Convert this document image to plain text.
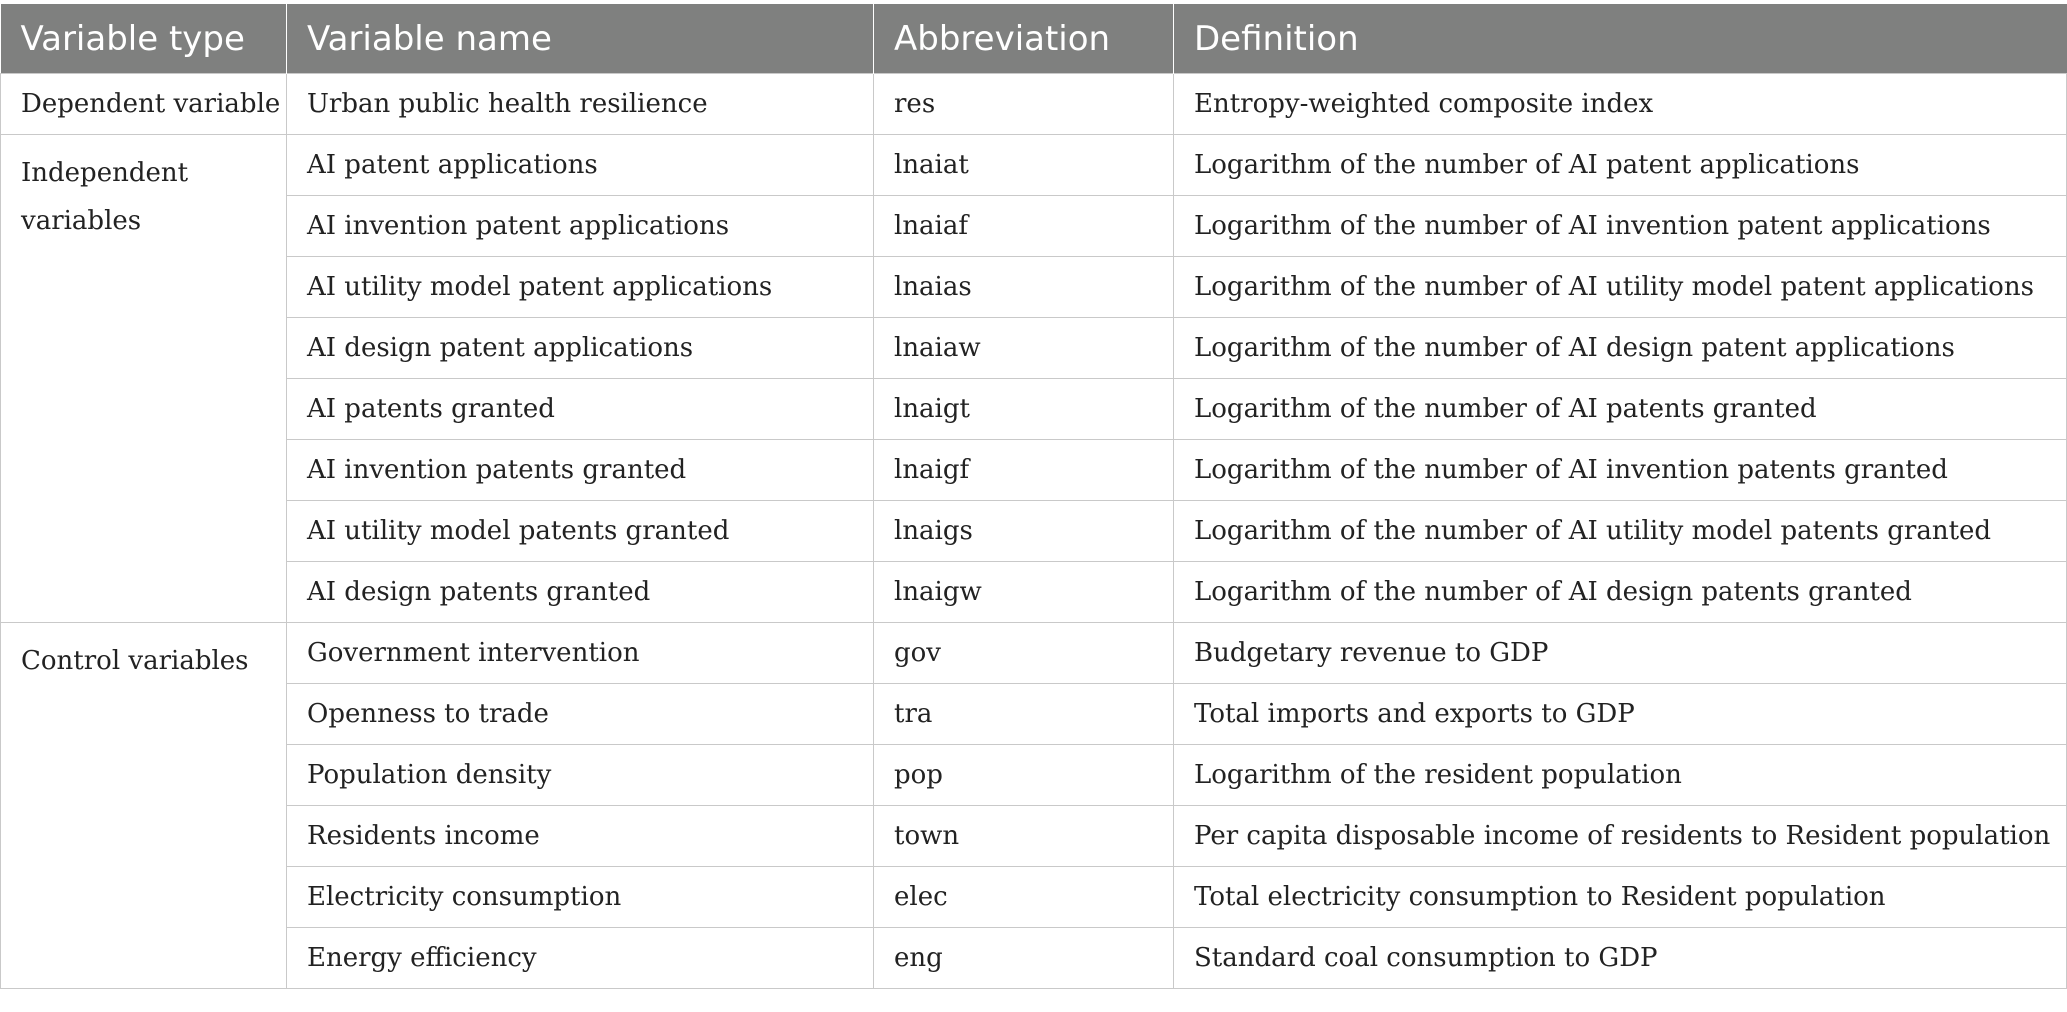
Variable type	Variable name	Abbreviation	Definition
Dependent variable	Urban public health resilience	res	Entropy-weighted composite index

Independent
variables	AI patent applications	lnaiat	Logarithm of the number of AI patent applications
	AI invention patent applications	lnaiaf	Logarithm of the number of AI invention patent applications
	AI utility model patent applications	lnaias	Logarithm of the number of AI utility model patent applications
	AI design patent applications	lnaiaw	Logarithm of the number of AI design patent applications
	AI patents granted	lnaigt	Logarithm of the number of AI patents granted
	AI invention patents granted	lnaigf	Logarithm of the number of AI invention patents granted
	AI utility model patents granted	lnaigs	Logarithm of the number of AI utility model patents granted
	AI design patents granted	lnaigw	Logarithm of the number of AI design patents granted
Control variables	Government intervention	gov	Budgetary revenue to GDP
	Openness to trade	tra	Total imports and exports to GDP
	Population density	pop	Logarithm of the resident population
	Residents income	town	Per capita disposable income of residents to Resident population
	Electricity consumption	elec	Total electricity consumption to Resident population
	Energy efficiency	eng	Standard coal consumption to GDP
